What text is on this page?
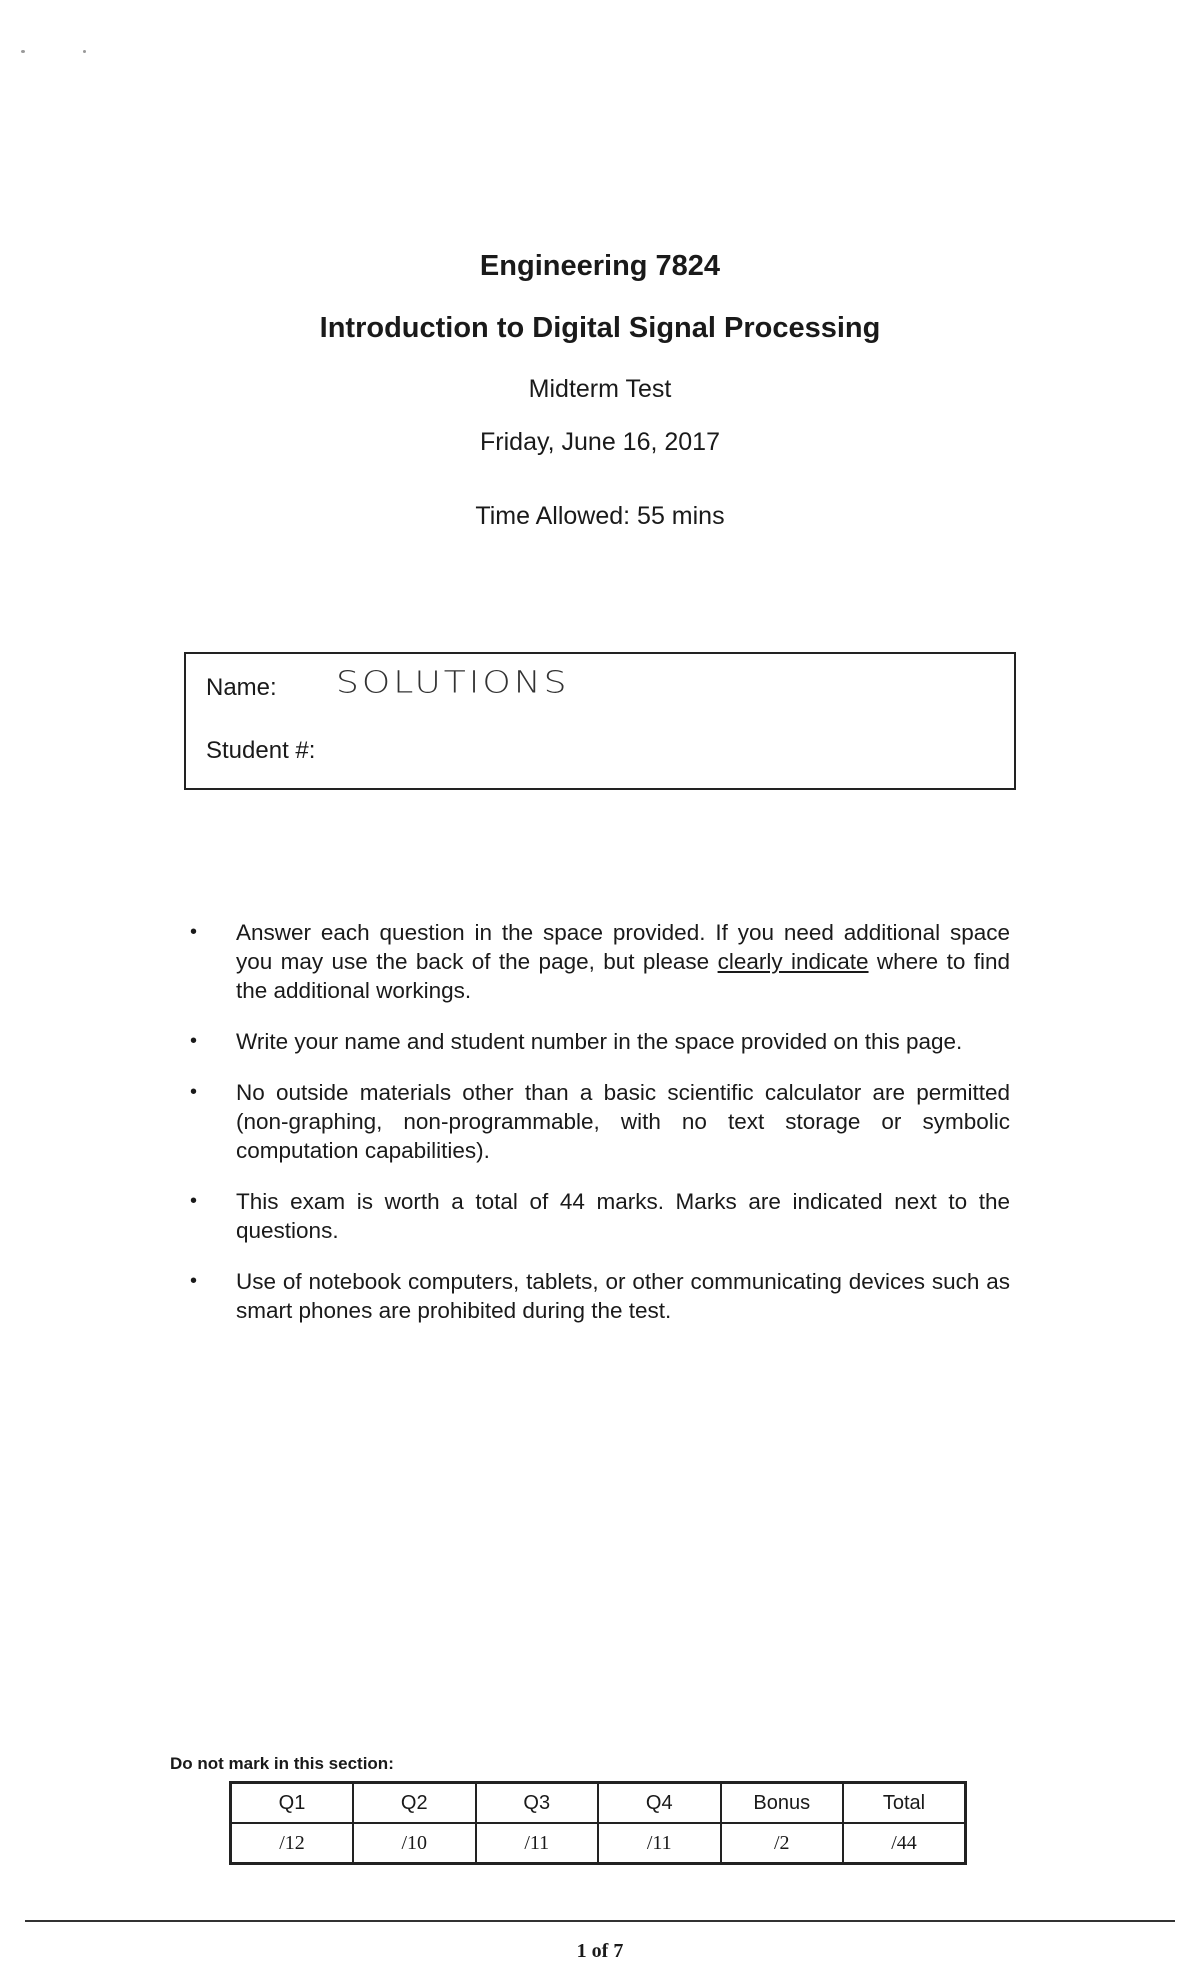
Engineering 7824
Introduction to Digital Signal Processing
Midterm Test
Friday, June 16, 2017
Time Allowed: 55 mins
Name: SOLUTIONS
Student #:
• Answer each question in the space provided. If you need additional space you may use the back of the page, but please clearly indicate where to find the additional workings.
• Write your name and student number in the space provided on this page.
• No outside materials other than a basic scientific calculator are permitted (non-graphing, non-programmable, with no text storage or symbolic computation capabilities).
• This exam is worth a total of 44 marks. Marks are indicated next to the questions.
• Use of notebook computers, tablets, or other communicating devices such as smart phones are prohibited during the test.
Do not mark in this section:
Q1	Q2	Q3	Q4	Bonus	Total
/12	/10	/11	/11	/2	/44
1 of 7
